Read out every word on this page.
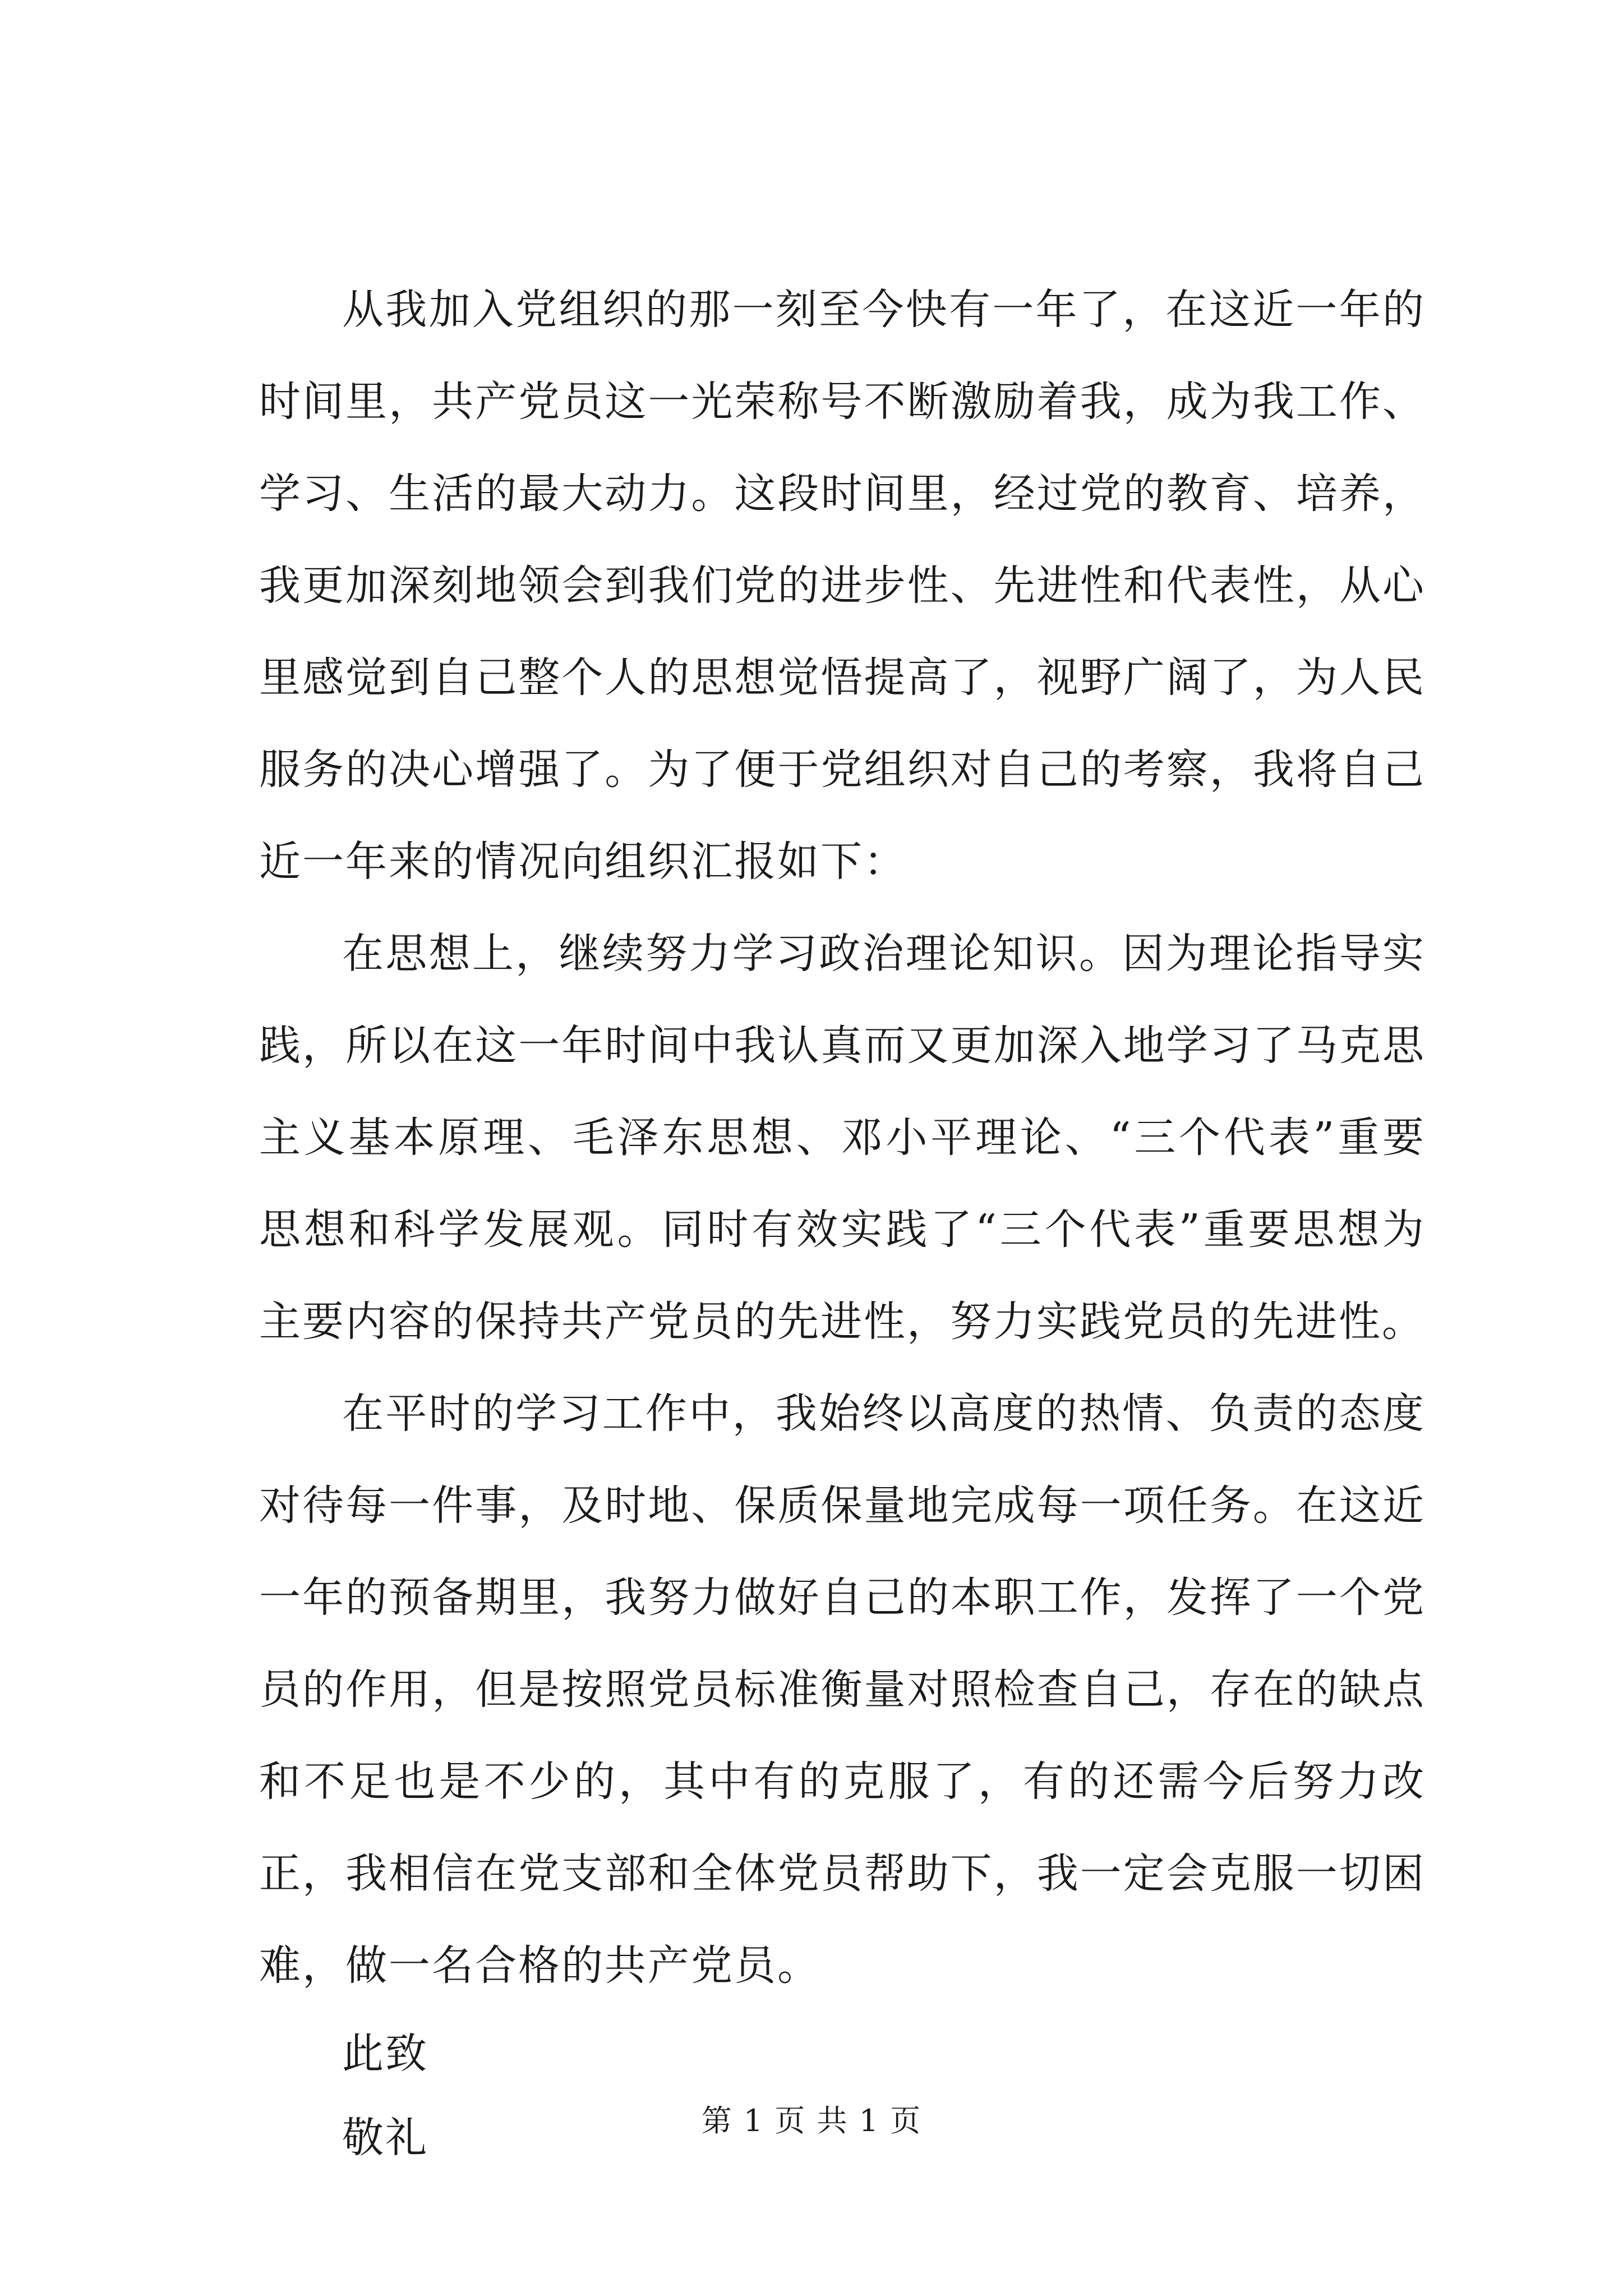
从我加入党组织的那一刻至今快有一年了，在这近一年的时间里，共产党员这一光荣称号不断激励着我，成为我工作、学习、生活的最大动力。这段时间里，经过党的教育、培养，我更加深刻地领会到我们党的进步性、先进性和代表性，从心里感觉到自己整个人的思想觉悟提高了，视野广阔了，为人民服务的决心增强了。为了便于党组织对自己的考察，我将自己近一年来的情况向组织汇报如下：

在思想上，继续努力学习政治理论知识。因为理论指导实践，所以在这一年时间中我认真而又更加深入地学习了马克思主义基本原理、毛泽东思想、邓小平理论、“三个代表”重要思想和科学发展观。同时有效实践了“三个代表”重要思想为主要内容的保持共产党员的先进性，努力实践党员的先进性。

在平时的学习工作中，我始终以高度的热情、负责的态度对待每一件事，及时地、保质保量地完成每一项任务。在这近一年的预备期里，我努力做好自己的本职工作，发挥了一个党员的作用，但是按照党员标准衡量对照检查自己，存在的缺点和不足也是不少的，其中有的克服了，有的还需今后努力改正，我相信在党支部和全体党员帮助下，我一定会克服一切困难，做一名合格的共产党员。

此致

敬礼	第 1 页 共 1 页
